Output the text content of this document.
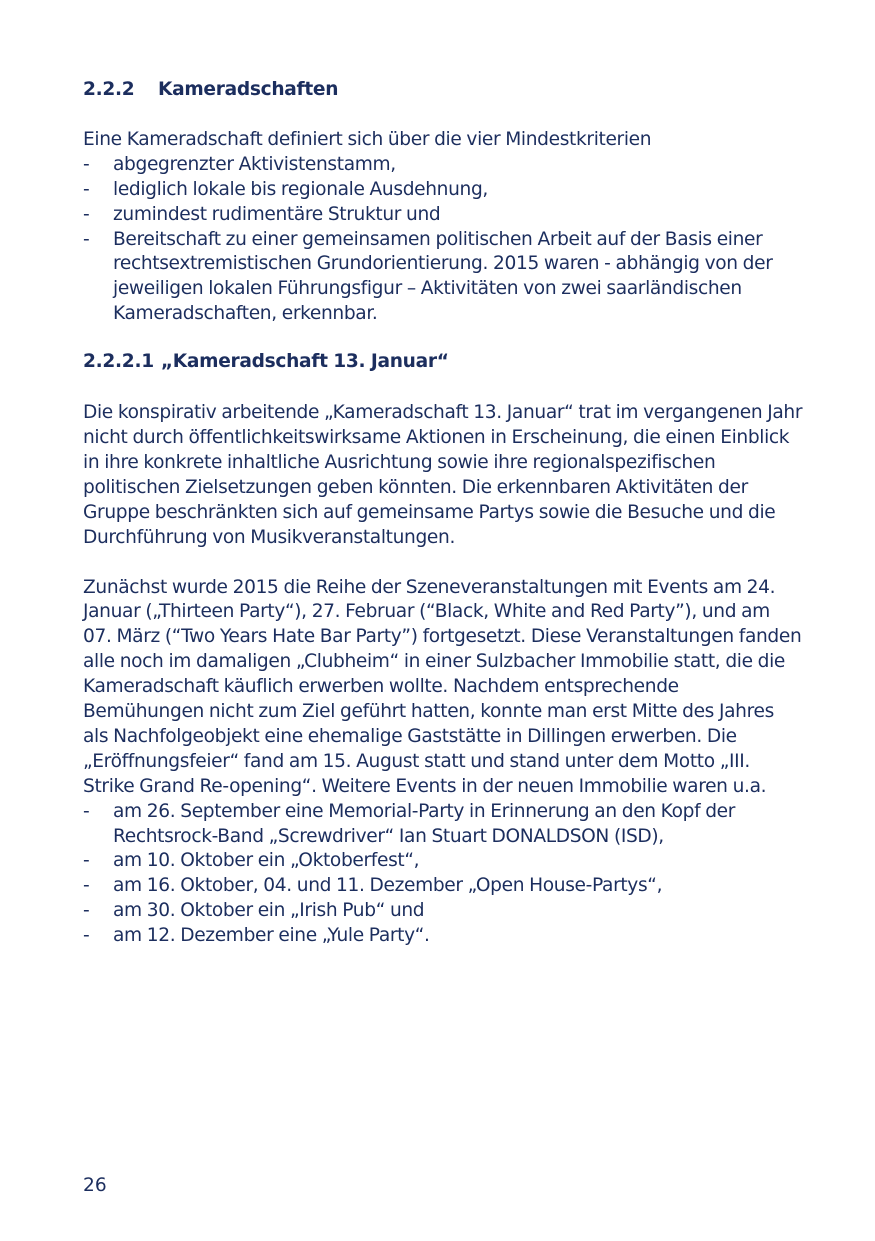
2.2.2 Kameradschaften

Eine Kameradschaft definiert sich über die vier Mindestkriterien

- abgegrenzter Aktivistenstamm,
- lediglich lokale bis regionale Ausdehnung,
- zumindest rudimentäre Struktur und
- Bereitschaft zu einer gemeinsamen politischen Arbeit auf der Basis einer rechtsextremistischen Grundorientierung. 2015 waren - abhängig von der jeweiligen lokalen Führungsfigur – Aktivitäten von zwei saarländischen Kameradschaften, erkennbar.
2.2.2.1 „Kameradschaft 13. Januar“

Die konspirativ arbeitende „Kameradschaft 13. Januar“ trat im vergangenen Jahr nicht durch öffentlichkeitswirksame Aktionen in Erscheinung, die einen Einblick in ihre konkrete inhaltliche Ausrichtung sowie ihre regionalspezifischen politischen Zielsetzungen geben könnten. Die erkennbaren Aktivitäten der Gruppe beschränkten sich auf gemeinsame Partys sowie die Besuche und die Durchführung von Musikveranstaltungen.

Zunächst wurde 2015 die Reihe der Szeneveranstaltungen mit Events am 24. Januar („Thirteen Party“), 27. Februar (“Black, White and Red Party”), und am 07. März (“Two Years Hate Bar Party”) fortgesetzt. Diese Veranstaltungen fanden alle noch im damaligen „Clubheim“ in einer Sulzbacher Immobilie statt, die die Kameradschaft käuflich erwerben wollte. Nachdem entsprechende Bemühungen nicht zum Ziel geführt hatten, konnte man erst Mitte des Jahres als Nachfolgeobjekt eine ehemalige Gaststätte in Dillingen erwerben. Die „Eröffnungsfeier“ fand am 15. August statt und stand unter dem Motto „III. Strike Grand Re-opening“. Weitere Events in der neuen Immobilie waren u.a.

- am 26. September eine Memorial-Party in Erinnerung an den Kopf der Rechtsrock-Band „Screwdriver“ Ian Stuart DONALDSON (ISD),
- am 10. Oktober ein „Oktoberfest“,
- am 16. Oktober, 04. und 11. Dezember „Open House-Partys“,
- am 30. Oktober ein „Irish Pub“ und
- am 12. Dezember eine „Yule Party“.
26
